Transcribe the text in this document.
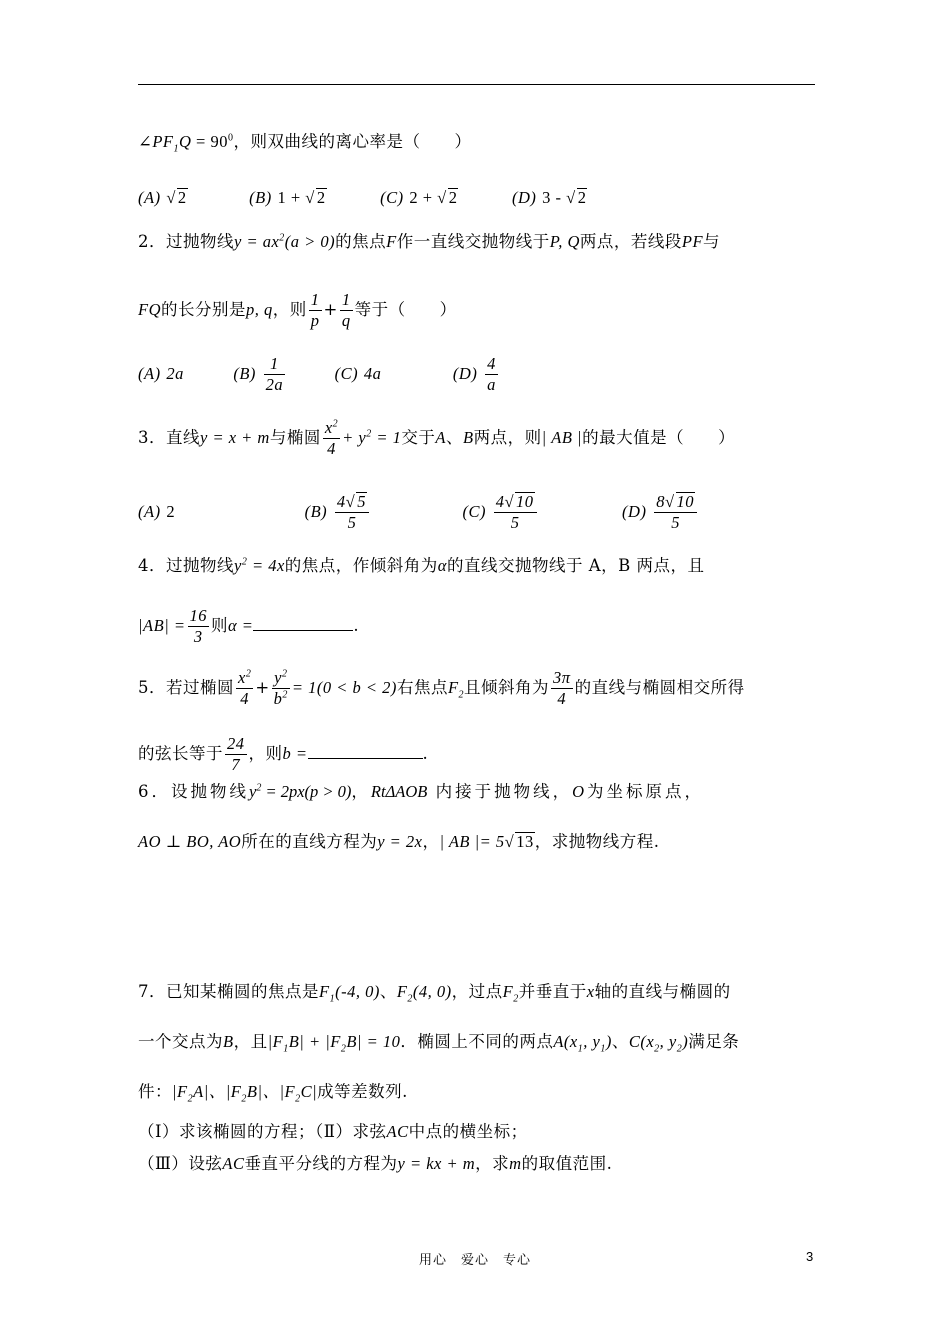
$\angle PF_1Q = 90^0$，则双曲线的离心率是（　　）
(A) √ 2	(B) 1 + √ 2	(C) 2 + √ 2	(D) 3 - √ 2
2．过抛物线$y = ax^2(a > 0)$的焦点F作一直线交抛物线于P, Q两点，若线段PF与
FQ的长分别是p, q，则 $\frac{1}{p} + \frac{1}{q}$ 等于（　　）
(A) 2a	$(B) \frac{1}{2a}$	(C) 4a	$(D) \frac{4}{a}$
3．直线y = x + m与椭圆 $\frac{x^2}{4} + y^2 = 1$交于A、B两点，则| AB |的最大值是（　　）
(A) 2	$(B) \frac{4√ 5}{5}$	$(C) \frac{4√ 10}{5}$	$(D) \frac{8√ 10}{5}$
4．过抛物线$y^2 = 4x$的焦点，作倾斜角为α的直线交抛物线于 A，B 两点，且
$|AB| = \frac{16}{3}$ 则α =	.
5．若过椭圆 $\frac{x^2}{4} + \frac{y^2}{b^2} = 1(0 < b < 2)$右焦点$F_2$且倾斜角为 $\frac{3\pi}{4}$ 的直线与椭圆相交所得
的弦长等于 $\frac{24}{7}$ ，则b =	.
6．设抛物线$y^2 = 2px(p > 0)$，RtΔAOB 内接于抛物线，O为坐标原点，
AO ⊥ BO, AO所在的直线方程为y = 2x，| AB |= 5√ 13，求抛物线方程.
7．已知某椭圆的焦点是$F_1(-4$, 0)、$F_2(4$, 0)，过点$F_2$并垂直于x轴的直线与椭圆的
一个交点为B，且$|F_1B| + |F_2B| = 10$．椭圆上不同的两点$A(x_1$, $y_1$)、$C(x_2$, $y_2$)满足条
件：$|F_2A|$、$|F_2B|$、$|F_2C|$成等差数列.
（Ⅰ）求该椭圆的方程；（Ⅱ）求弦AC中点的横坐标；
（Ⅲ）设弦AC垂直平分线的方程为y = kx + m，求m的取值范围.
用心　爱心　专心	3
